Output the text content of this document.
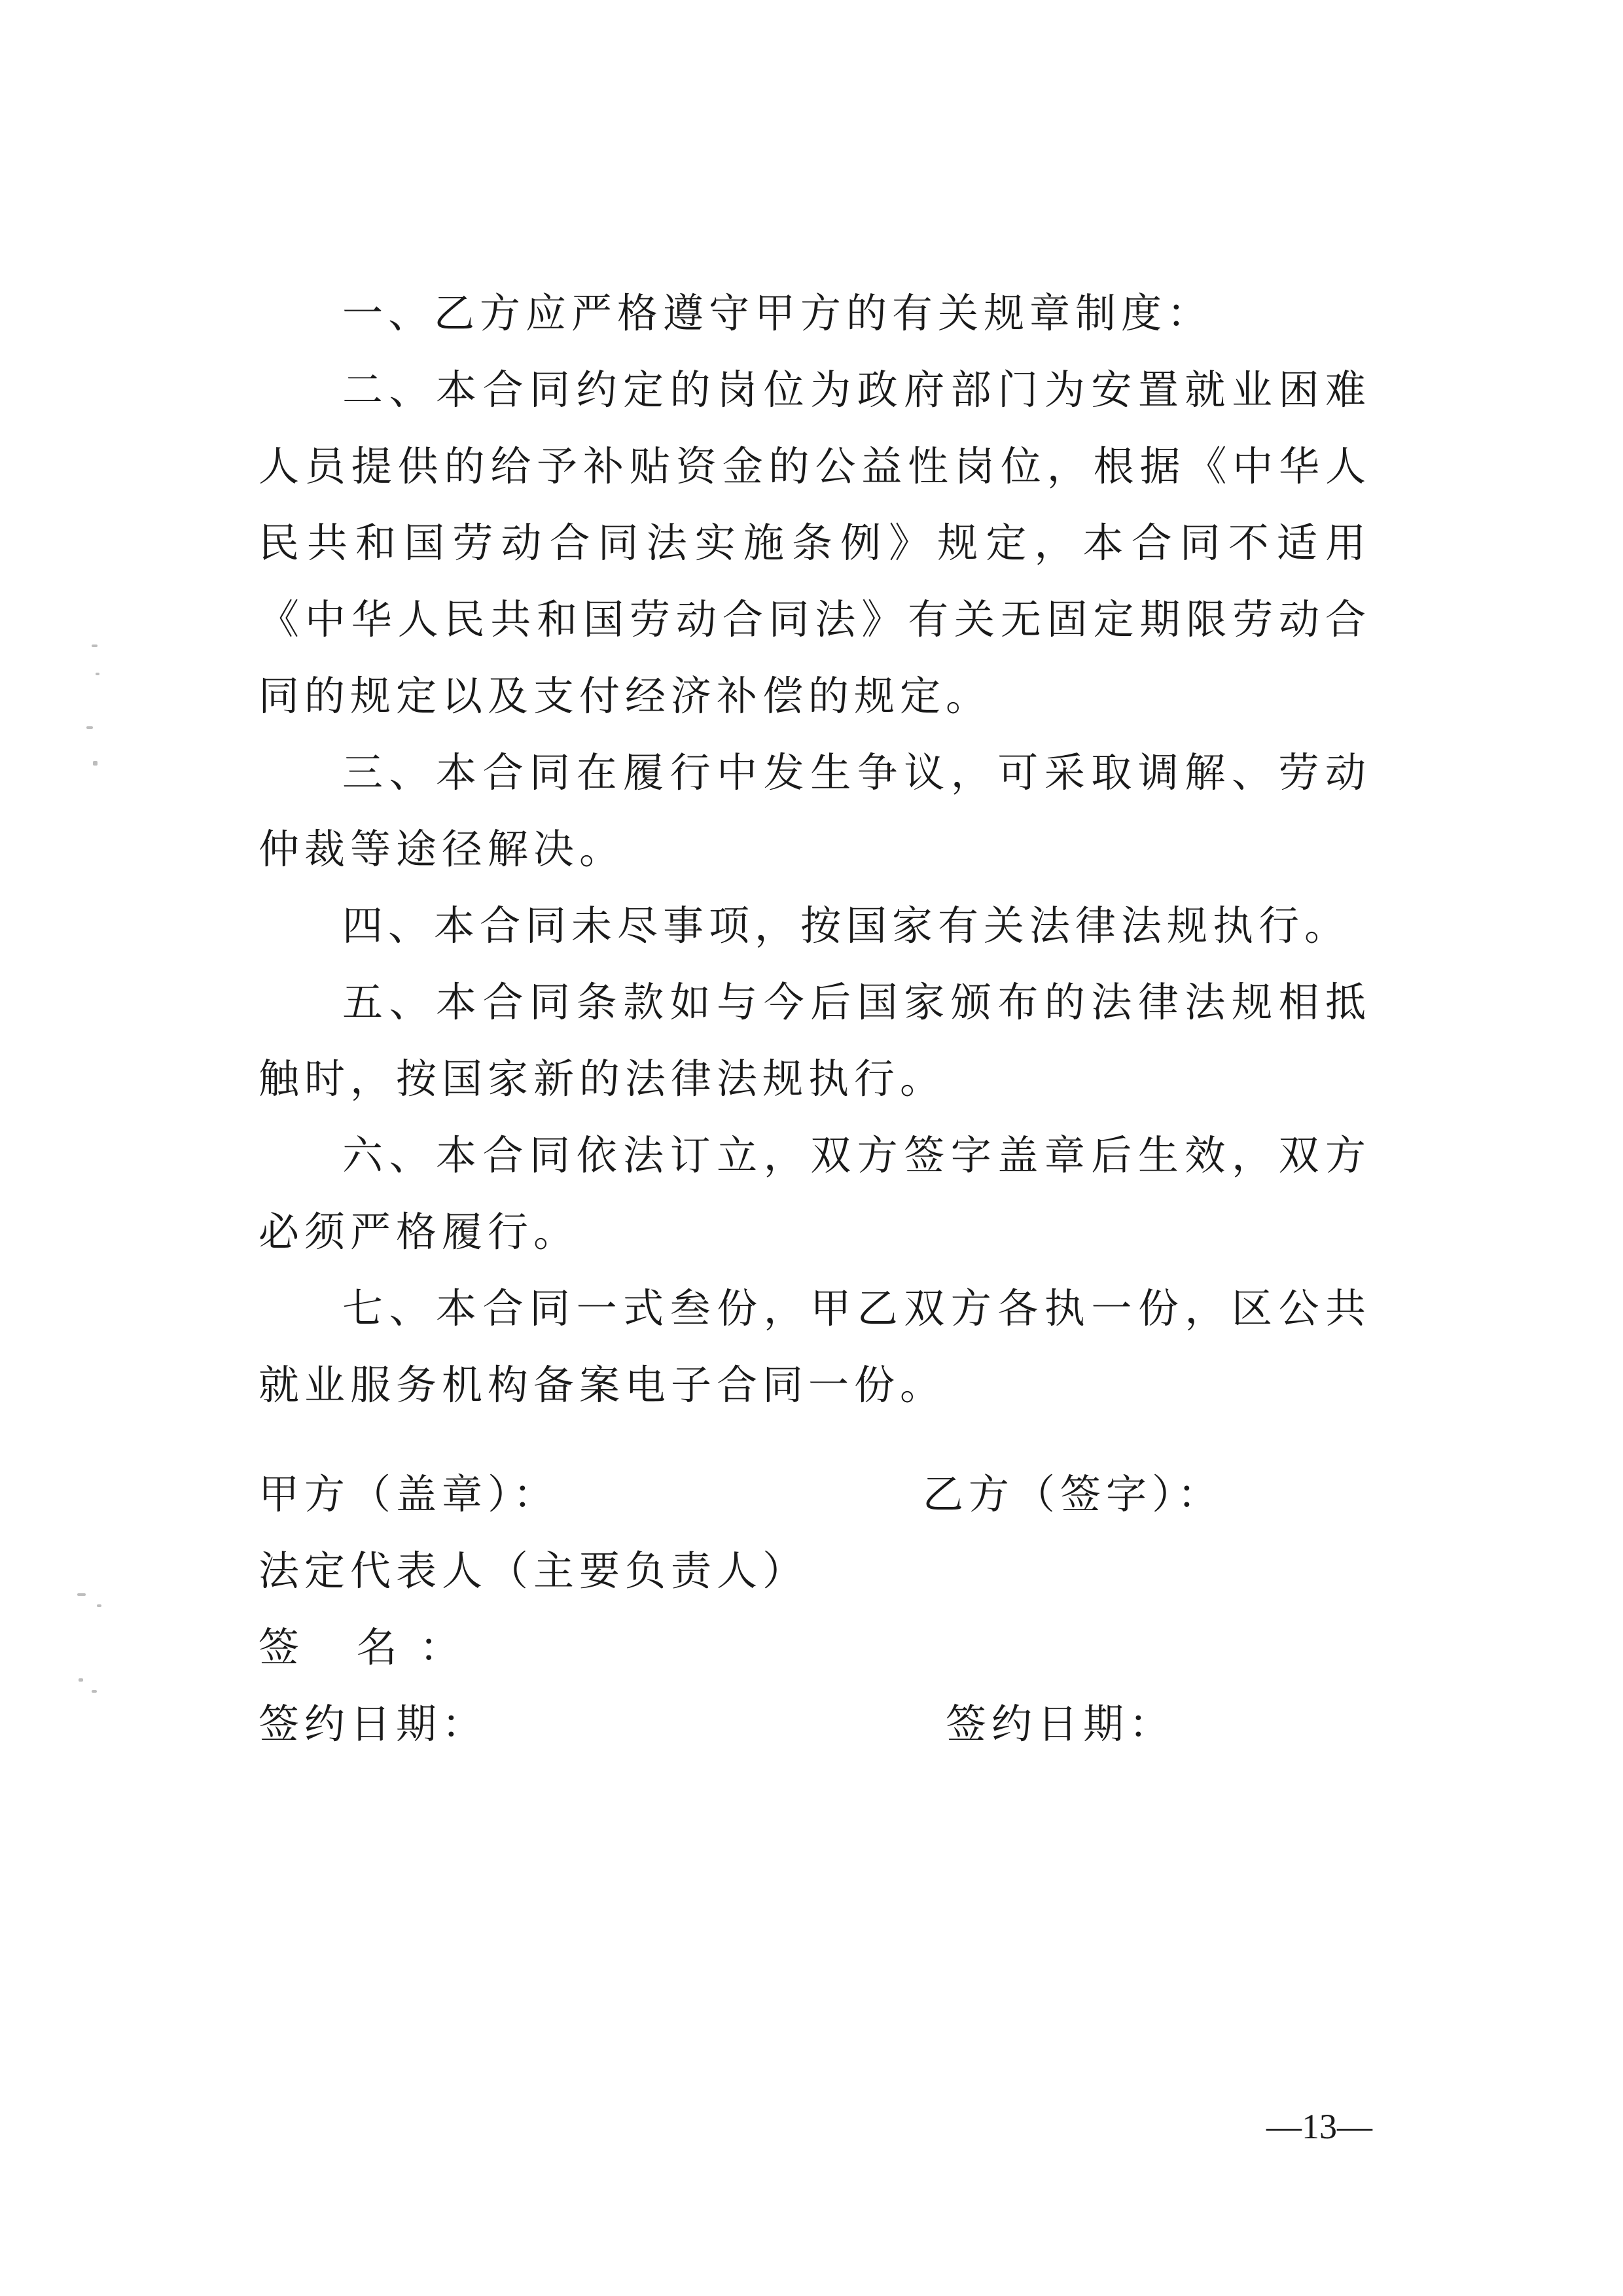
一、乙方应严格遵守甲方的有关规章制度：

二、本合同约定的岗位为政府部门为安置就业困难人员提供的给予补贴资金的公益性岗位，根据《中华人民共和国劳动合同法实施条例》规定，本合同不适用《中华人民共和国劳动合同法》有关无固定期限劳动合同的规定以及支付经济补偿的规定。

三、本合同在履行中发生争议，可采取调解、劳动仲裁等途径解决。

四、本合同未尽事项，按国家有关法律法规执行。

五、本合同条款如与今后国家颁布的法律法规相抵触时，按国家新的法律法规执行。

六、本合同依法订立，双方签字盖章后生效，双方必须严格履行。

七、本合同一式叁份，甲乙双方各执一份，区公共就业服务机构备案电子合同一份。

甲方（盖章）：	乙方（签字）：
法定代表人（主要负责人）
签 名：
签约日期：	签约日期：
—13—
